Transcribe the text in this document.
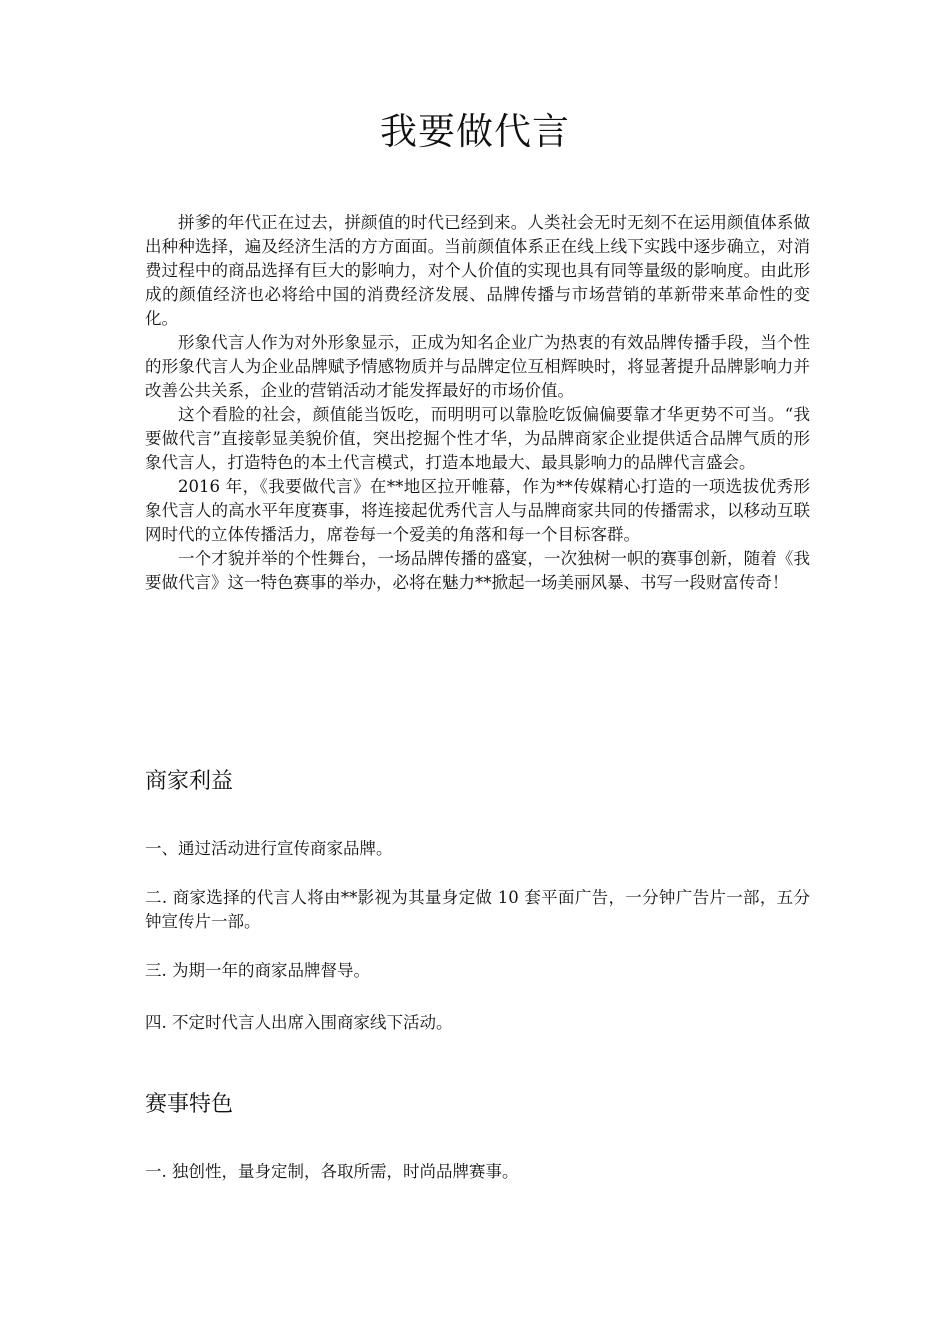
我要做代言

拼爹的年代正在过去，拼颜值的时代已经到来。人类社会无时无刻不在运用颜值体系做出种种选择，遍及经济生活的方方面面。当前颜值体系正在线上线下实践中逐步确立，对消费过程中的商品选择有巨大的影响力，对个人价值的实现也具有同等量级的影响度。由此形成的颜值经济也必将给中国的消费经济发展、品牌传播与市场营销的革新带来革命性的变化。

形象代言人作为对外形象显示，正成为知名企业广为热衷的有效品牌传播手段，当个性的形象代言人为企业品牌赋予情感物质并与品牌定位互相辉映时，将显著提升品牌影响力并改善公共关系，企业的营销活动才能发挥最好的市场价值。

这个看脸的社会，颜值能当饭吃，而明明可以靠脸吃饭偏偏要靠才华更势不可当。“我要做代言”直接彰显美貌价值，突出挖掘个性才华，为品牌商家企业提供适合品牌气质的形象代言人，打造特色的本土代言模式，打造本地最大、最具影响力的品牌代言盛会。

2016 年，《我要做代言》在**地区拉开帷幕，作为**传媒精心打造的一项选拔优秀形象代言人的高水平年度赛事，将连接起优秀代言人与品牌商家共同的传播需求，以移动互联网时代的立体传播活力，席卷每一个爱美的角落和每一个目标客群。

一个才貌并举的个性舞台，一场品牌传播的盛宴，一次独树一帜的赛事创新，随着《我要做代言》这一特色赛事的举办，必将在魅力**掀起一场美丽风暴、书写一段财富传奇！

商家利益

一、通过活动进行宣传商家品牌。

二. 商家选择的代言人将由**影视为其量身定做 10 套平面广告，一分钟广告片一部，五分钟宣传片一部。

三. 为期一年的商家品牌督导。

四. 不定时代言人出席入围商家线下活动。

赛事特色

一. 独创性，量身定制，各取所需，时尚品牌赛事。
